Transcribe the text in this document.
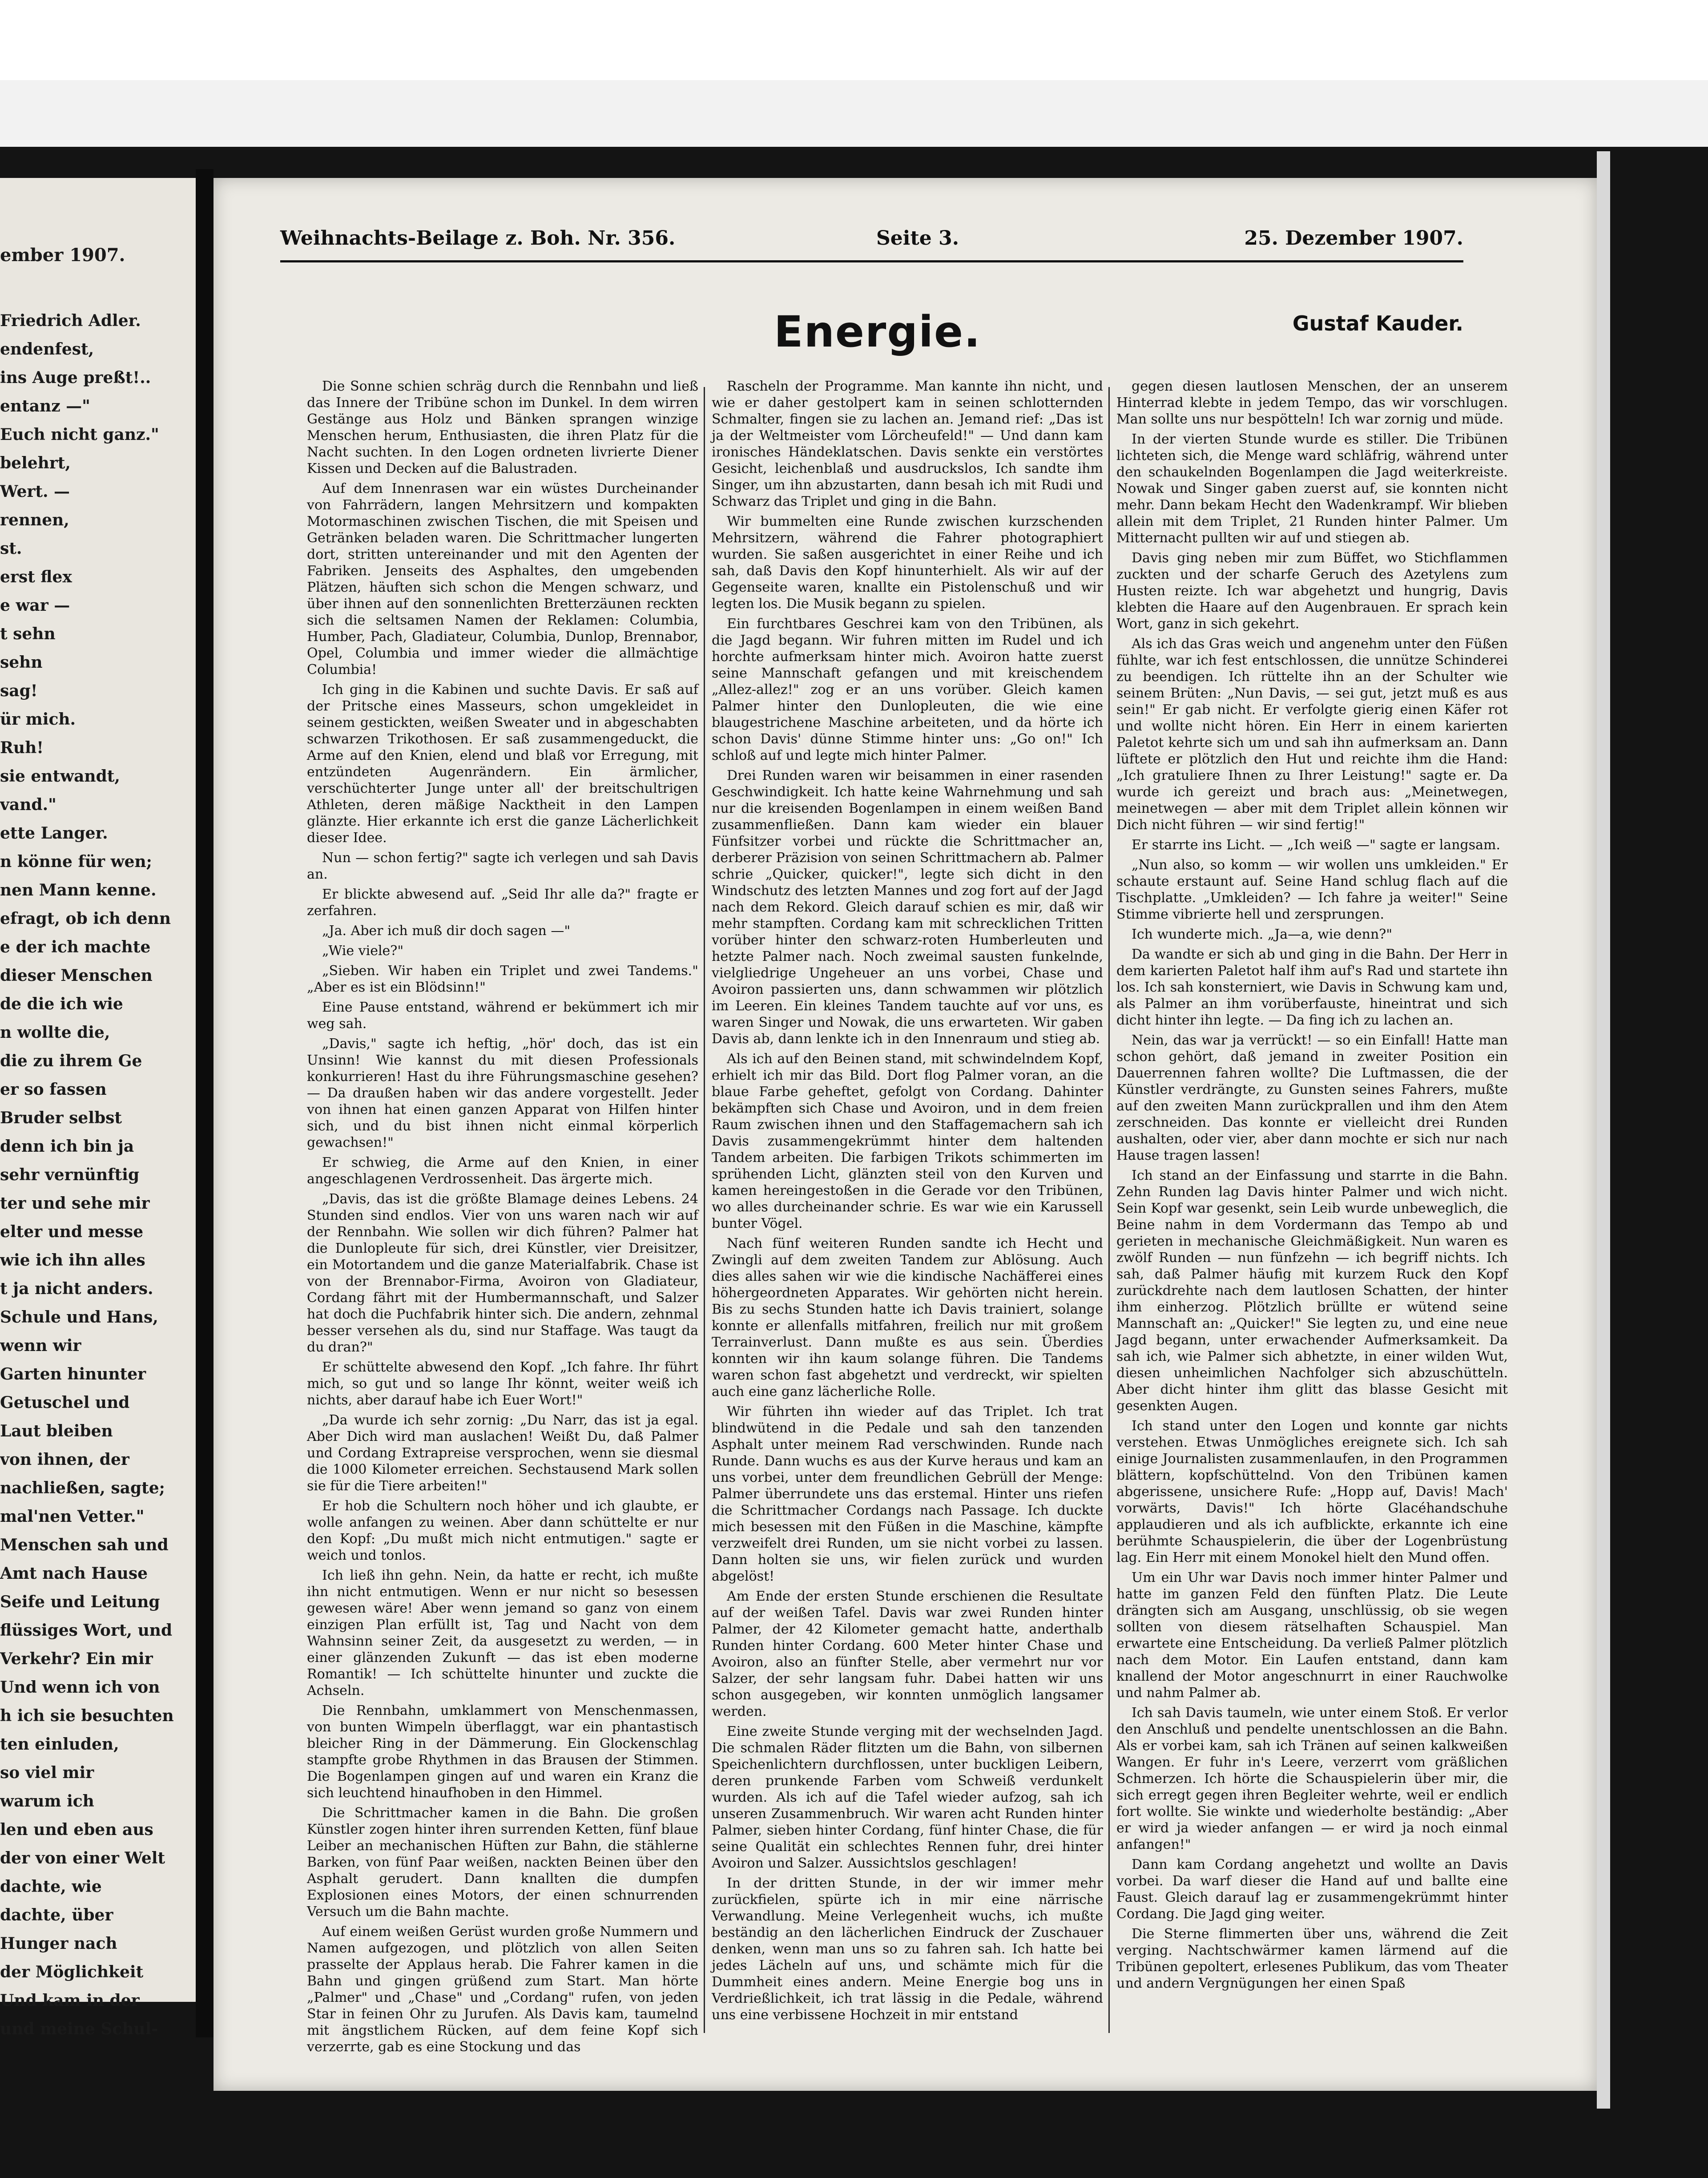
ember 1907.
Friedrich Adler.
endenfest,
ins Auge preßt!..
entanz —"
Euch nicht ganz."
belehrt,
Wert. —
rennen,
st.
erst flex
e war —
t sehn
sehn
sag!
ür mich.
Ruh!
sie entwandt,
vand."
ette Langer.
n könne für wen;
nen Mann kenne.
efragt, ob ich denn
e der ich machte
dieser Menschen
de die ich wie
n wollte die,
die zu ihrem Ge
er so fassen
Bruder selbst
denn ich bin ja
sehr vernünftig
ter und sehe mir
elter und messe
wie ich ihn alles
t ja nicht anders.
Schule und Hans,
wenn wir
Garten hinunter
Getuschel und
Laut bleiben
von ihnen, der
nachließen, sagte;
mal'nen Vetter."
Menschen sah und
Amt nach Hause
Seife und Leitung
flüssiges Wort, und
Verkehr? Ein mir
Und wenn ich von
h ich sie besuchten
ten einluden,
so viel mir
warum ich
len und eben aus
der von einer Welt
dachte, wie
dachte, über
Hunger nach
der Möglichkeit
Und kam in der
und meine Schul-
Weihnachts-Beilage z. Boh. Nr. 356.	Seite 3.	25. Dezember 1907.
Energie.	Gustaf Kauder.

Die Sonne schien schräg durch die Rennbahn und ließ das Innere der Tribüne schon im Dunkel. In dem wirren Gestänge aus Holz und Bänken sprangen winzige Menschen herum, Enthusiasten, die ihren Platz für die Nacht suchten. In den Logen ordneten livrierte Diener Kissen und Decken auf die Balustraden.

Auf dem Innenrasen war ein wüstes Durcheinander von Fahrrädern, langen Mehrsitzern und kompakten Motormaschinen zwischen Tischen, die mit Speisen und Getränken beladen waren. Die Schrittmacher lungerten dort, stritten untereinander und mit den Agenten der Fabriken. Jenseits des Asphaltes, den umgebenden Plätzen, häuften sich schon die Mengen schwarz, und über ihnen auf den sonnenlichten Bretterzäunen reckten sich die seltsamen Namen der Reklamen: Columbia, Humber, Pach, Gladiateur, Columbia, Dunlop, Brennabor, Opel, Columbia und immer wieder die allmächtige Columbia!

Ich ging in die Kabinen und suchte Davis. Er saß auf der Pritsche eines Masseurs, schon umgekleidet in seinem gestickten, weißen Sweater und in abgeschabten schwarzen Trikothosen. Er saß zusammengeduckt, die Arme auf den Knien, elend und blaß vor Erregung, mit entzündeten Augenrändern. Ein ärmlicher, verschüchterter Junge unter all' der breitschultrigen Athleten, deren mäßige Nacktheit in den Lampen glänzte. Hier erkannte ich erst die ganze Lächerlichkeit dieser Idee.

Nun — schon fertig?" sagte ich verlegen und sah Davis an.

Er blickte abwesend auf. „Seid Ihr alle da?" fragte er zerfahren.

„Ja. Aber ich muß dir doch sagen —"

„Wie viele?"

„Sieben. Wir haben ein Triplet und zwei Tandems." „Aber es ist ein Blödsinn!"

Eine Pause entstand, während er bekümmert ich mir weg sah.

„Davis," sagte ich heftig, „hör' doch, das ist ein Unsinn! Wie kannst du mit diesen Professionals konkurrieren! Hast du ihre Führungsmaschine gesehen? — Da draußen haben wir das andere vorgestellt. Jeder von ihnen hat einen ganzen Apparat von Hilfen hinter sich, und du bist ihnen nicht einmal körperlich gewachsen!"

Er schwieg, die Arme auf den Knien, in einer angeschlagenen Verdrossenheit. Das ärgerte mich.

„Davis, das ist die größte Blamage deines Lebens. 24 Stunden sind endlos. Vier von uns waren nach wir auf der Rennbahn. Wie sollen wir dich führen? Palmer hat die Dunlopleute für sich, drei Künstler, vier Dreisitzer, ein Motortandem und die ganze Materialfabrik. Chase ist von der Brennabor-Firma, Avoiron von Gladiateur, Cordang fährt mit der Humbermannschaft, und Salzer hat doch die Puchfabrik hinter sich. Die andern, zehnmal besser versehen als du, sind nur Staffage. Was taugt da du dran?"

Er schüttelte abwesend den Kopf. „Ich fahre. Ihr führt mich, so gut und so lange Ihr könnt, weiter weiß ich nichts, aber darauf habe ich Euer Wort!"

„Da wurde ich sehr zornig: „Du Narr, das ist ja egal. Aber Dich wird man auslachen! Weißt Du, daß Palmer und Cordang Extrapreise versprochen, wenn sie diesmal die 1000 Kilometer erreichen. Sechstausend Mark sollen sie für die Tiere arbeiten!"

Er hob die Schultern noch höher und ich glaubte, er wolle anfangen zu weinen. Aber dann schüttelte er nur den Kopf: „Du mußt mich nicht entmutigen." sagte er weich und tonlos.

Ich ließ ihn gehn. Nein, da hatte er recht, ich mußte ihn nicht entmutigen. Wenn er nur nicht so besessen gewesen wäre! Aber wenn jemand so ganz von einem einzigen Plan erfüllt ist, Tag und Nacht von dem Wahnsinn seiner Zeit, da ausgesetzt zu werden, — in einer glänzenden Zukunft — das ist eben moderne Romantik! — Ich schüttelte hinunter und zuckte die Achseln.

Die Rennbahn, umklammert von Menschenmassen, von bunten Wimpeln überflaggt, war ein phantastisch bleicher Ring in der Dämmerung. Ein Glockenschlag stampfte grobe Rhythmen in das Brausen der Stimmen. Die Bogenlampen gingen auf und waren ein Kranz die sich leuchtend hinaufhoben in den Himmel.

Die Schrittmacher kamen in die Bahn. Die großen Künstler zogen hinter ihren surrenden Ketten, fünf blaue Leiber an mechanischen Hüften zur Bahn, die stählerne Barken, von fünf Paar weißen, nackten Beinen über den Asphalt gerudert. Dann knallten die dumpfen Explosionen eines Motors, der einen schnurrenden Versuch um die Bahn machte.

Auf einem weißen Gerüst wurden große Nummern und Namen aufgezogen, und plötzlich von allen Seiten prasselte der Applaus herab. Die Fahrer kamen in die Bahn und gingen grüßend zum Start. Man hörte „Palmer" und „Chase" und „Cordang" rufen, von jeden Star in feinen Ohr zu Jurufen. Als Davis kam, taumelnd mit ängstlichem Rücken, auf dem feine Kopf sich verzerrte, gab es eine Stockung und das

Rascheln der Programme. Man kannte ihn nicht, und wie er daher gestolpert kam in seinen schlotternden Schmalter, fingen sie zu lachen an. Jemand rief: „Das ist ja der Weltmeister vom Lörcheufeld!" — Und dann kam ironisches Händeklatschen. Davis senkte ein verstörtes Gesicht, leichenblaß und ausdruckslos, Ich sandte ihm Singer, um ihn abzustarten, dann besah ich mit Rudi und Schwarz das Triplet und ging in die Bahn.

Wir bummelten eine Runde zwischen kurzschenden Mehrsitzern, während die Fahrer photographiert wurden. Sie saßen ausgerichtet in einer Reihe und ich sah, daß Davis den Kopf hinunterhielt. Als wir auf der Gegenseite waren, knallte ein Pistolenschuß und wir legten los. Die Musik begann zu spielen.

Ein furchtbares Geschrei kam von den Tribünen, als die Jagd begann. Wir fuhren mitten im Rudel und ich horchte aufmerksam hinter mich. Avoiron hatte zuerst seine Mannschaft gefangen und mit kreischendem „Allez-allez!" zog er an uns vorüber. Gleich kamen Palmer hinter den Dunlopleuten, die wie eine blaugestrichene Maschine arbeiteten, und da hörte ich schon Davis' dünne Stimme hinter uns: „Go on!" Ich schloß auf und legte mich hinter Palmer.

Drei Runden waren wir beisammen in einer rasenden Geschwindigkeit. Ich hatte keine Wahrnehmung und sah nur die kreisenden Bogenlampen in einem weißen Band zusammenfließen. Dann kam wieder ein blauer Fünfsitzer vorbei und rückte die Schrittmacher an, derberer Präzision von seinen Schrittmachern ab. Palmer schrie „Quicker, quicker!", legte sich dicht in den Windschutz des letzten Mannes und zog fort auf der Jagd nach dem Rekord. Gleich darauf schien es mir, daß wir mehr stampften. Cordang kam mit schrecklichen Tritten vorüber hinter den schwarz-roten Humberleuten und hetzte Palmer nach. Noch zweimal sausten funkelnde, vielgliedrige Ungeheuer an uns vorbei, Chase und Avoiron passierten uns, dann schwammen wir plötzlich im Leeren. Ein kleines Tandem tauchte auf vor uns, es waren Singer und Nowak, die uns erwarteten. Wir gaben Davis ab, dann lenkte ich in den Innenraum und stieg ab.

Als ich auf den Beinen stand, mit schwindelndem Kopf, erhielt ich mir das Bild. Dort flog Palmer voran, an die blaue Farbe geheftet, gefolgt von Cordang. Dahinter bekämpften sich Chase und Avoiron, und in dem freien Raum zwischen ihnen und den Staffagemachern sah ich Davis zusammengekrümmt hinter dem haltenden Tandem arbeiten. Die farbigen Trikots schimmerten im sprühenden Licht, glänzten steil von den Kurven und kamen hereingestoßen in die Gerade vor den Tribünen, wo alles durcheinander schrie. Es war wie ein Karussell bunter Vögel.

Nach fünf weiteren Runden sandte ich Hecht und Zwingli auf dem zweiten Tandem zur Ablösung. Auch dies alles sahen wir wie die kindische Nachäfferei eines höhergeordneten Apparates. Wir gehörten nicht herein. Bis zu sechs Stunden hatte ich Davis trainiert, solange konnte er allenfalls mitfahren, freilich nur mit großem Terrainverlust. Dann mußte es aus sein. Überdies konnten wir ihn kaum solange führen. Die Tandems waren schon fast abgehetzt und verdreckt, wir spielten auch eine ganz lächerliche Rolle.

Wir führten ihn wieder auf das Triplet. Ich trat blindwütend in die Pedale und sah den tanzenden Asphalt unter meinem Rad verschwinden. Runde nach Runde. Dann wuchs es aus der Kurve heraus und kam an uns vorbei, unter dem freundlichen Gebrüll der Menge: Palmer überrundete uns das erstemal. Hinter uns riefen die Schrittmacher Cordangs nach Passage. Ich duckte mich besessen mit den Füßen in die Maschine, kämpfte verzweifelt drei Runden, um sie nicht vorbei zu lassen. Dann holten sie uns, wir fielen zurück und wurden abgelöst!

Am Ende der ersten Stunde erschienen die Resultate auf der weißen Tafel. Davis war zwei Runden hinter Palmer, der 42 Kilometer gemacht hatte, anderthalb Runden hinter Cordang. 600 Meter hinter Chase und Avoiron, also an fünfter Stelle, aber vermehrt nur vor Salzer, der sehr langsam fuhr. Dabei hatten wir uns schon ausgegeben, wir konnten unmöglich langsamer werden.

Eine zweite Stunde verging mit der wechselnden Jagd. Die schmalen Räder flitzten um die Bahn, von silbernen Speichenlichtern durchflossen, unter buckligen Leibern, deren prunkende Farben vom Schweiß verdunkelt wurden. Als ich auf die Tafel wieder aufzog, sah ich unseren Zusammenbruch. Wir waren acht Runden hinter Palmer, sieben hinter Cordang, fünf hinter Chase, die für seine Qualität ein schlechtes Rennen fuhr, drei hinter Avoiron und Salzer. Aussichtslos geschlagen!

In der dritten Stunde, in der wir immer mehr zurückfielen, spürte ich in mir eine närrische Verwandlung. Meine Verlegenheit wuchs, ich mußte beständig an den lächerlichen Eindruck der Zuschauer denken, wenn man uns so zu fahren sah. Ich hatte bei jedes Lächeln auf uns, und schämte mich für die Dummheit eines andern. Meine Energie bog uns in Verdrießlichkeit, ich trat lässig in die Pedale, während uns eine verbissene Hochzeit in mir entstand

gegen diesen lautlosen Menschen, der an unserem Hinterrad klebte in jedem Tempo, das wir vorschlugen. Man sollte uns nur bespötteln! Ich war zornig und müde.

In der vierten Stunde wurde es stiller. Die Tribünen lichteten sich, die Menge ward schläfrig, während unter den schaukelnden Bogenlampen die Jagd weiterkreiste. Nowak und Singer gaben zuerst auf, sie konnten nicht mehr. Dann bekam Hecht den Wadenkrampf. Wir blieben allein mit dem Triplet, 21 Runden hinter Palmer. Um Mitternacht pullten wir auf und stiegen ab.

Davis ging neben mir zum Büffet, wo Stichflammen zuckten und der scharfe Geruch des Azetylens zum Husten reizte. Ich war abgehetzt und hungrig, Davis klebten die Haare auf den Augenbrauen. Er sprach kein Wort, ganz in sich gekehrt.

Als ich das Gras weich und angenehm unter den Füßen fühlte, war ich fest entschlossen, die unnütze Schinderei zu beendigen. Ich rüttelte ihn an der Schulter wie seinem Brüten: „Nun Davis, — sei gut, jetzt muß es aus sein!" Er gab nicht. Er verfolgte gierig einen Käfer rot und wollte nicht hören. Ein Herr in einem karierten Paletot kehrte sich um und sah ihn aufmerksam an. Dann lüftete er plötzlich den Hut und reichte ihm die Hand: „Ich gratuliere Ihnen zu Ihrer Leistung!" sagte er. Da wurde ich gereizt und brach aus: „Meinetwegen, meinetwegen — aber mit dem Triplet allein können wir Dich nicht führen — wir sind fertig!"

Er starrte ins Licht. — „Ich weiß —" sagte er langsam.

„Nun also, so komm — wir wollen uns umkleiden." Er schaute erstaunt auf. Seine Hand schlug flach auf die Tischplatte. „Umkleiden? — Ich fahre ja weiter!" Seine Stimme vibrierte hell und zersprungen.

Ich wunderte mich. „Ja—a, wie denn?"

Da wandte er sich ab und ging in die Bahn. Der Herr in dem karierten Paletot half ihm auf's Rad und startete ihn los. Ich sah konsterniert, wie Davis in Schwung kam und, als Palmer an ihm vorüberfauste, hineintrat und sich dicht hinter ihn legte. — Da fing ich zu lachen an.

Nein, das war ja verrückt! — so ein Einfall! Hatte man schon gehört, daß jemand in zweiter Position ein Dauerrennen fahren wollte? Die Luftmassen, die der Künstler verdrängte, zu Gunsten seines Fahrers, mußte auf den zweiten Mann zurückprallen und ihm den Atem zerschneiden. Das konnte er vielleicht drei Runden aushalten, oder vier, aber dann mochte er sich nur nach Hause tragen lassen!

Ich stand an der Einfassung und starrte in die Bahn. Zehn Runden lag Davis hinter Palmer und wich nicht. Sein Kopf war gesenkt, sein Leib wurde unbeweglich, die Beine nahm in dem Vordermann das Tempo ab und gerieten in mechanische Gleichmäßigkeit. Nun waren es zwölf Runden — nun fünfzehn — ich begriff nichts. Ich sah, daß Palmer häufig mit kurzem Ruck den Kopf zurückdrehte nach dem lautlosen Schatten, der hinter ihm einherzog. Plötzlich brüllte er wütend seine Mannschaft an: „Quicker!" Sie legten zu, und eine neue Jagd begann, unter erwachender Aufmerksamkeit. Da sah ich, wie Palmer sich abhetzte, in einer wilden Wut, diesen unheimlichen Nachfolger sich abzuschütteln. Aber dicht hinter ihm glitt das blasse Gesicht mit gesenkten Augen.

Ich stand unter den Logen und konnte gar nichts verstehen. Etwas Unmögliches ereignete sich. Ich sah einige Journalisten zusammenlaufen, in den Programmen blättern, kopfschüttelnd. Von den Tribünen kamen abgerissene, unsichere Rufe: „Hopp auf, Davis! Mach' vorwärts, Davis!" Ich hörte Glacéhandschuhe applaudieren und als ich aufblickte, erkannte ich eine berühmte Schauspielerin, die über der Logenbrüstung lag. Ein Herr mit einem Monokel hielt den Mund offen.

Um ein Uhr war Davis noch immer hinter Palmer und hatte im ganzen Feld den fünften Platz. Die Leute drängten sich am Ausgang, unschlüssig, ob sie wegen sollten von diesem rätselhaften Schauspiel. Man erwartete eine Entscheidung. Da verließ Palmer plötzlich nach dem Motor. Ein Laufen entstand, dann kam knallend der Motor angeschnurrt in einer Rauchwolke und nahm Palmer ab.

Ich sah Davis taumeln, wie unter einem Stoß. Er verlor den Anschluß und pendelte unentschlossen an die Bahn. Als er vorbei kam, sah ich Tränen auf seinen kalkweißen Wangen. Er fuhr in's Leere, verzerrt vom gräßlichen Schmerzen. Ich hörte die Schauspielerin über mir, die sich erregt gegen ihren Begleiter wehrte, weil er endlich fort wollte. Sie winkte und wiederholte beständig: „Aber er wird ja wieder anfangen — er wird ja noch einmal anfangen!"

Dann kam Cordang angehetzt und wollte an Davis vorbei. Da warf dieser die Hand auf und ballte eine Faust. Gleich darauf lag er zusammengekrümmt hinter Cordang. Die Jagd ging weiter.

Die Sterne flimmerten über uns, während die Zeit verging. Nachtschwärmer kamen lärmend auf die Tribünen gepoltert, erlesenes Publikum, das vom Theater und andern Vergnügungen her einen Spaß
